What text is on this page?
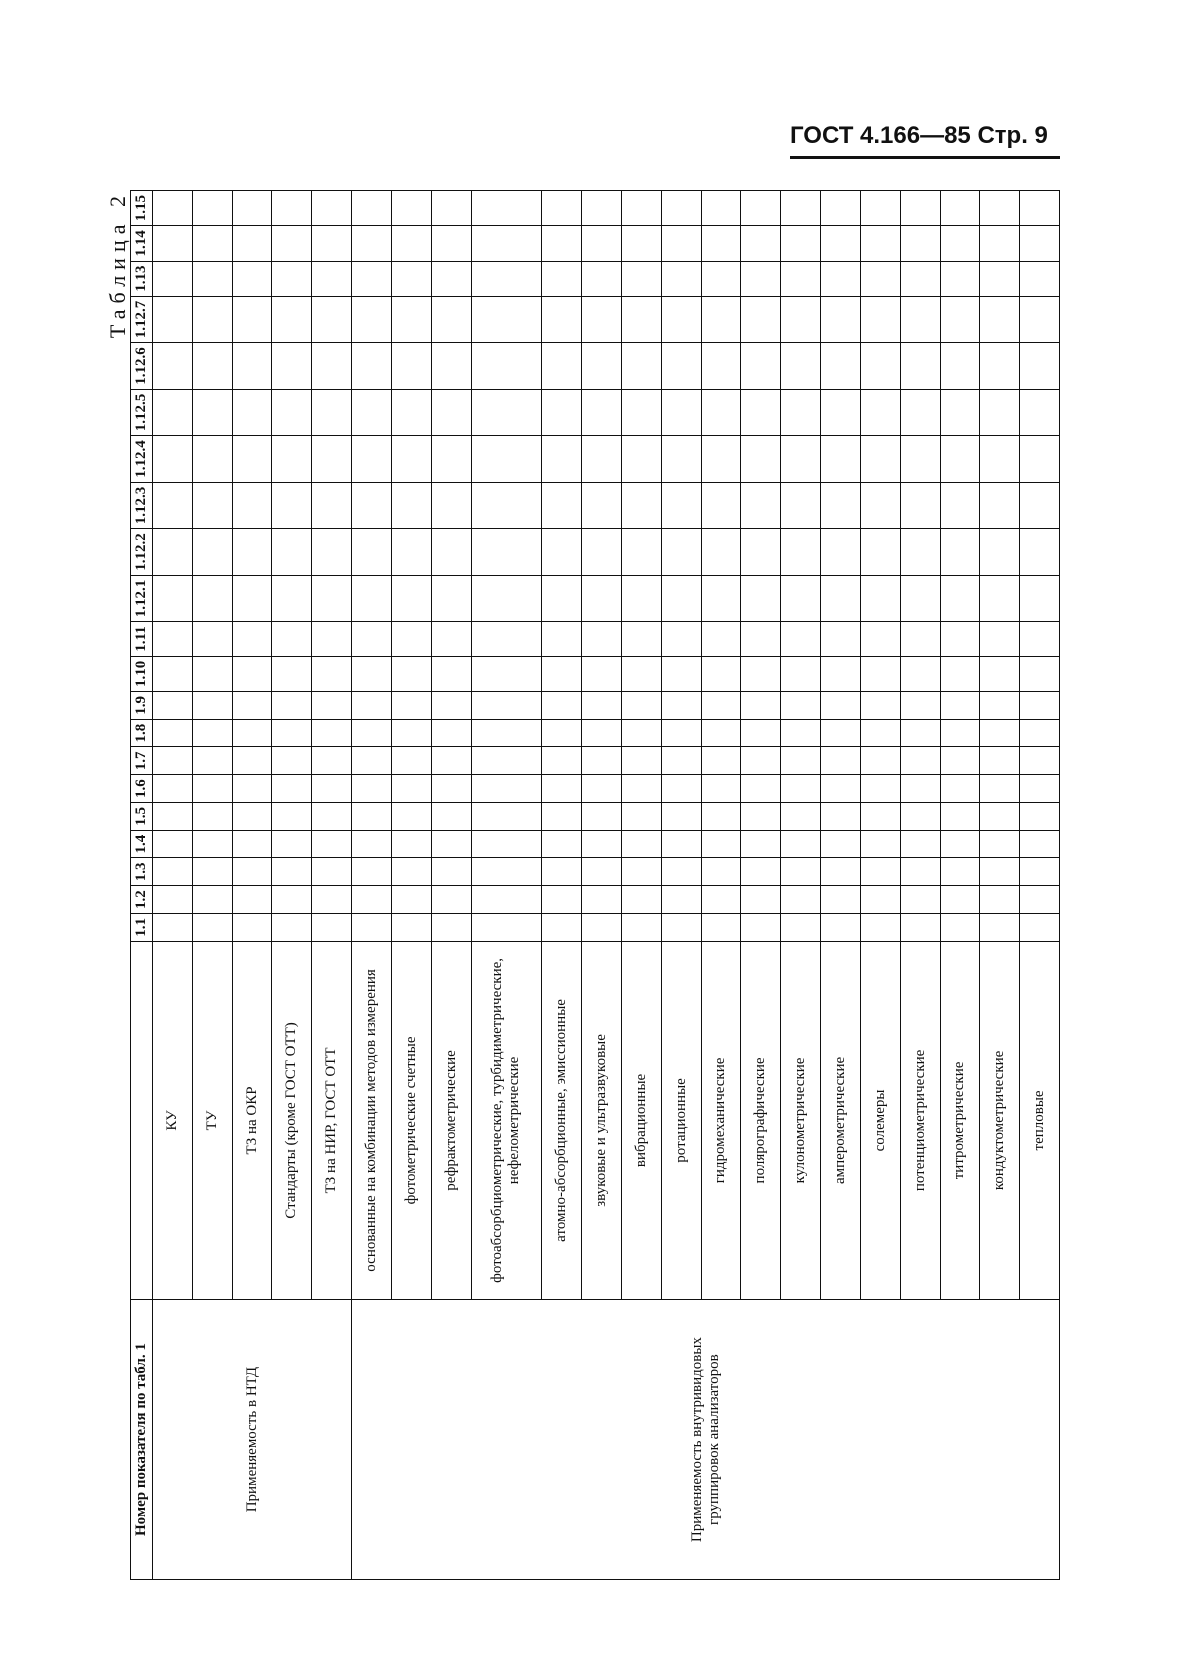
ГОСТ 4.166—85 Стр. 9
Таблица 2
Номер показателя по табл. 1		1.1	1.2	1.3	1.4	1.5	1.6	1.7	1.8	1.9	1.10	1.11	1.12.1	1.12.2	1.12.3	1.12.4	1.12.5	1.12.6	1.12.7	1.13	1.14	1.15
Применяемость в НТД	КУ																					
	ТУ																					
	ТЗ на ОКР																					
	Стандарты (кроме ГОСТ ОТТ)																					
	ТЗ на НИР, ГОСТ ОТТ																					
Применяемость внутривидовых группировок анализаторов	основанные на комбинации методов измерения																					
	фотометрические счетные																					
	рефрактометрические																					
	фотоабсорбциометрические, турбидиметрические, нефелометрические																					
	атомно-абсорбционные, эмиссионные																					
	звуковые и ультразвуковые																					
	вибрационные																					
	ротационные																					
	гидромеханические																					
	полярографические																					
	кулонометрические																					
	амперометрические																					
	солемеры																					
	потенциометрические																					
	титрометрические																					
	кондуктометрические																					
	тепловые																					
